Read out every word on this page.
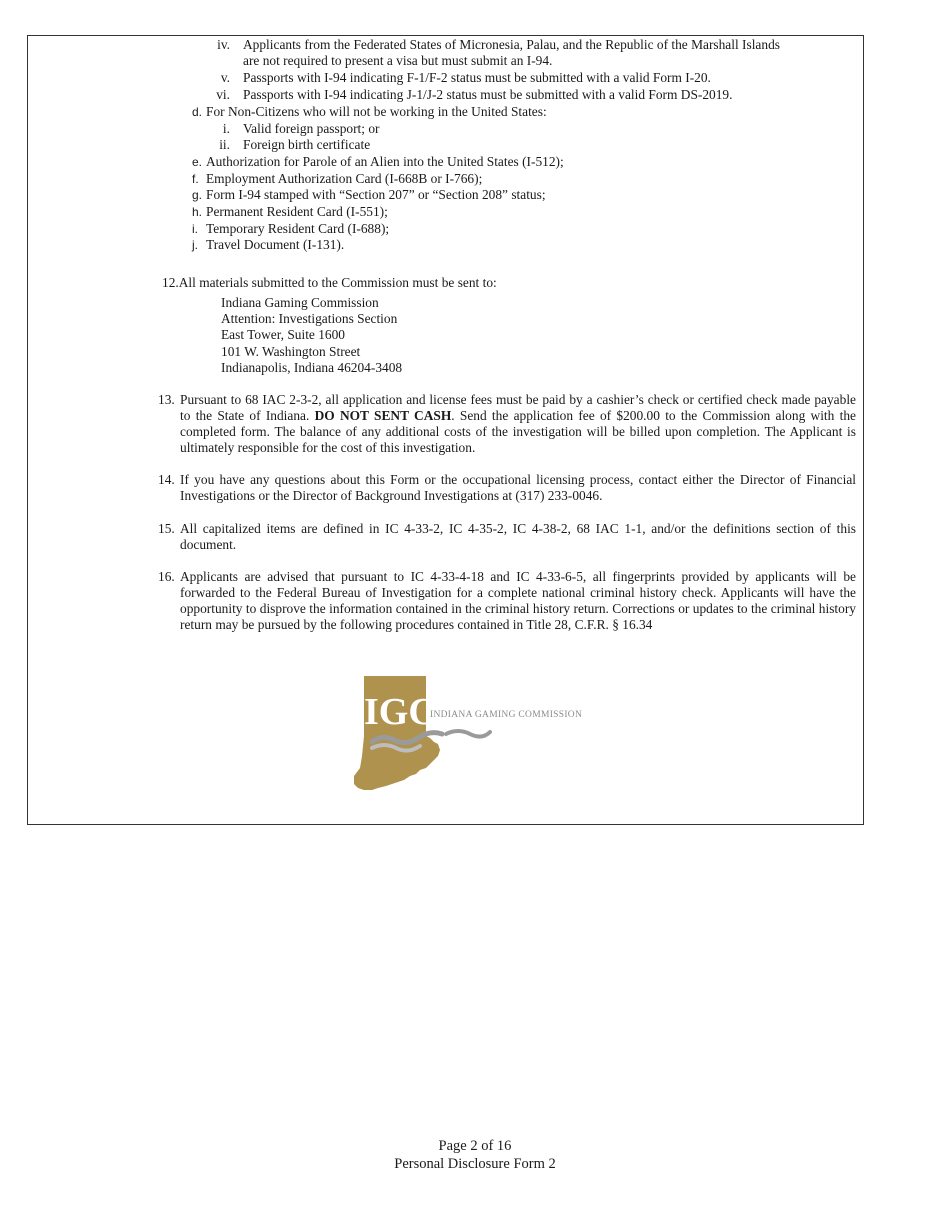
iv. Applicants from the Federated States of Micronesia, Palau, and the Republic of the Marshall Islands
are not required to present a visa but must submit an I-94.
v. Passports with I-94 indicating F-1/F-2 status must be submitted with a valid Form I-20.
vi. Passports with I-94 indicating J-1/J-2 status must be submitted with a valid Form DS-2019.
d. For Non-Citizens who will not be working in the United States:
i. Valid foreign passport; or
ii. Foreign birth certificate
e. Authorization for Parole of an Alien into the United States (I-512);
f. Employment Authorization Card (I-668B or I-766);
g. Form I-94 stamped with “Section 207” or “Section 208” status;
h. Permanent Resident Card (I-551);
i. Temporary Resident Card (I-688);
j. Travel Document (I-131).
12.All materials submitted to the Commission must be sent to:
Indiana Gaming Commission
Attention: Investigations Section
East Tower, Suite 1600
101 W. Washington Street
Indianapolis, Indiana 46204-3408
13. Pursuant to 68 IAC 2-3-2, all application and license fees must be paid by a cashier’s check or certified check made payable to the State of Indiana. DO NOT SENT CASH. Send the application fee of $200.00 to the Commission along with the completed form. The balance of any additional costs of the investigation will be billed upon completion. The Applicant is ultimately responsible for the cost of this investigation.
14. If you have any questions about this Form or the occupational licensing process, contact either the Director of Financial Investigations or the Director of Background Investigations at (317) 233-0046.
15. All capitalized items are defined in IC 4-33-2, IC 4-35-2, IC 4-38-2, 68 IAC 1-1, and/or the definitions section of this document.
16. Applicants are advised that pursuant to IC 4-33-4-18 and IC 4-33-6-5, all fingerprints provided by applicants will be forwarded to the Federal Bureau of Investigation for a complete national criminal history check. Applicants will have the opportunity to disprove the information contained in the criminal history return. Corrections or updates to the criminal history return may be pursued by the following procedures contained in Title 28, C.F.R. § 16.34
IGC
INDIANA GAMING COMMISSION
Page 2 of 16
Personal Disclosure Form 2
